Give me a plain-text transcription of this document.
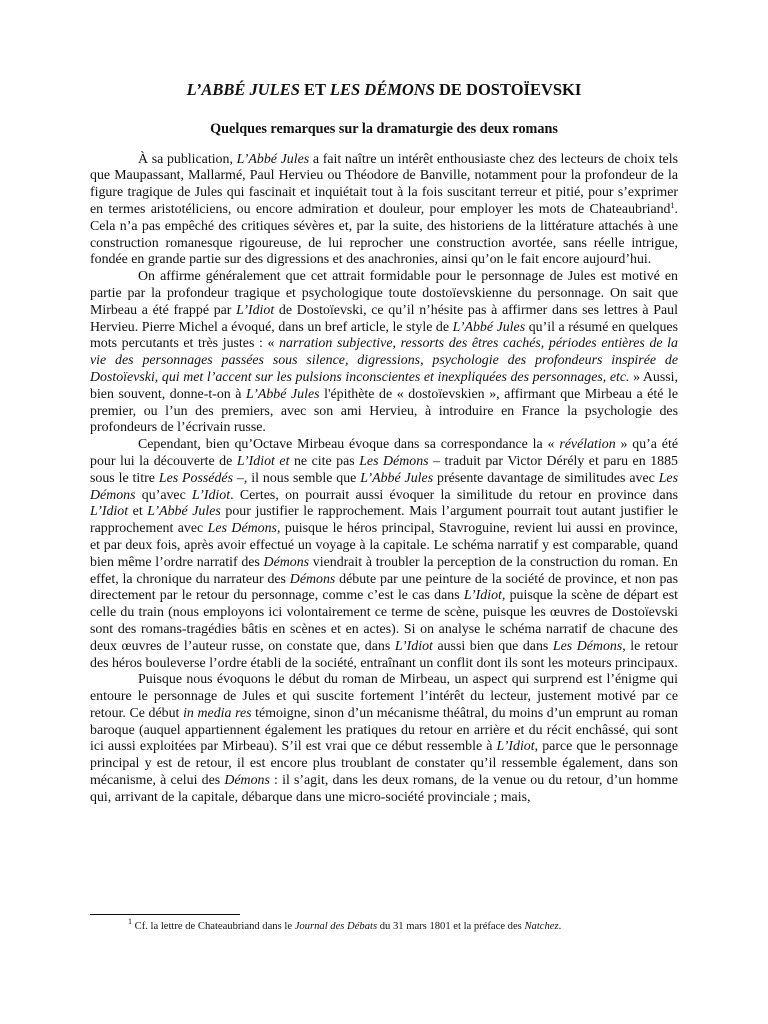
L’ABBÉ JULES ET LES DÉMONS DE DOSTOÏEVSKI
Quelques remarques sur la dramaturgie des deux romans

À sa publication, L’Abbé Jules a fait naître un intérêt enthousiaste chez des lecteurs de choix tels que Maupassant, Mallarmé, Paul Hervieu ou Théodore de Banville, notamment pour la profondeur de la figure tragique de Jules qui fascinait et inquiétait tout à la fois suscitant terreur et pitié, pour s’exprimer en termes aristotéliciens, ou encore admiration et douleur, pour employer les mots de Chateaubriand$^1$. Cela n’a pas empêché des critiques sévères et, par la suite, des historiens de la littérature attachés à une construction romanesque rigoureuse, de lui reprocher une construction avortée, sans réelle intrigue, fondée en grande partie sur des digressions et des anachronies, ainsi qu’on le fait encore aujourd’hui.

On affirme généralement que cet attrait formidable pour le personnage de Jules est motivé en partie par la profondeur tragique et psychologique toute dostoïevskienne du personnage. On sait que Mirbeau a été frappé par L’Idiot de Dostoïevski, ce qu’il n’hésite pas à affirmer dans ses lettres à Paul Hervieu. Pierre Michel a évoqué, dans un bref article, le style de L’Abbé Jules qu’il a résumé en quelques mots percutants et très justes : « narration subjective, ressorts des êtres cachés, périodes entières de la vie des personnages passées sous silence, digressions, psychologie des profondeurs inspirée de Dostoïevski, qui met l’accent sur les pulsions inconscientes et inexpliquées des personnages, etc. » Aussi, bien souvent, donne-t-on à L’Abbé Jules l'épithète de « dostoïevskien », affirmant que Mirbeau a été le premier, ou l’un des premiers, avec son ami Hervieu, à introduire en France la psychologie des profondeurs de l’écrivain russe.

Cependant, bien qu’Octave Mirbeau évoque dans sa correspondance la « révélation » qu’a été pour lui la découverte de L’Idiot et ne cite pas Les Démons – traduit par Victor Dérély et paru en 1885 sous le titre Les Possédés –, il nous semble que L’Abbé Jules présente davantage de similitudes avec Les Démons qu’avec L’Idiot. Certes, on pourrait aussi évoquer la similitude du retour en province dans L’Idiot et L’Abbé Jules pour justifier le rapprochement. Mais l’argument pourrait tout autant justifier le rapprochement avec Les Démons, puisque le héros principal, Stavroguine, revient lui aussi en province, et par deux fois, après avoir effectué un voyage à la capitale. Le schéma narratif y est comparable, quand bien même l’ordre narratif des Démons viendrait à troubler la perception de la construction du roman. En effet, la chronique du narrateur des Démons débute par une peinture de la société de province, et non pas directement par le retour du personnage, comme c’est le cas dans L’Idiot, puisque la scène de départ est celle du train (nous employons ici volontairement ce terme de scène, puisque les œuvres de Dostoïevski sont des romans-tragédies bâtis en scènes et en actes). Si on analyse le schéma narratif de chacune des deux œuvres de l’auteur russe, on constate que, dans L’Idiot aussi bien que dans Les Démons, le retour des héros bouleverse l’ordre établi de la société, entraînant un conflit dont ils sont les moteurs principaux.

Puisque nous évoquons le début du roman de Mirbeau, un aspect qui surprend est l’énigme qui entoure le personnage de Jules et qui suscite fortement l’intérêt du lecteur, justement motivé par ce retour. Ce début in media res témoigne, sinon d’un mécanisme théâtral, du moins d’un emprunt au roman baroque (auquel appartiennent également les pratiques du retour en arrière et du récit enchâssé, qui sont ici aussi exploitées par Mirbeau). S’il est vrai que ce début ressemble à L’Idiot, parce que le personnage principal y est de retour, il est encore plus troublant de constater qu’il ressemble également, dans son mécanisme, à celui des Démons : il s’agit, dans les deux romans, de la venue ou du retour, d’un homme qui, arrivant de la capitale, débarque dans une micro-société provinciale ; mais,

$^1$ Cf. la lettre de Chateaubriand dans le Journal des Débats du 31 mars 1801 et la préface des Natchez.
